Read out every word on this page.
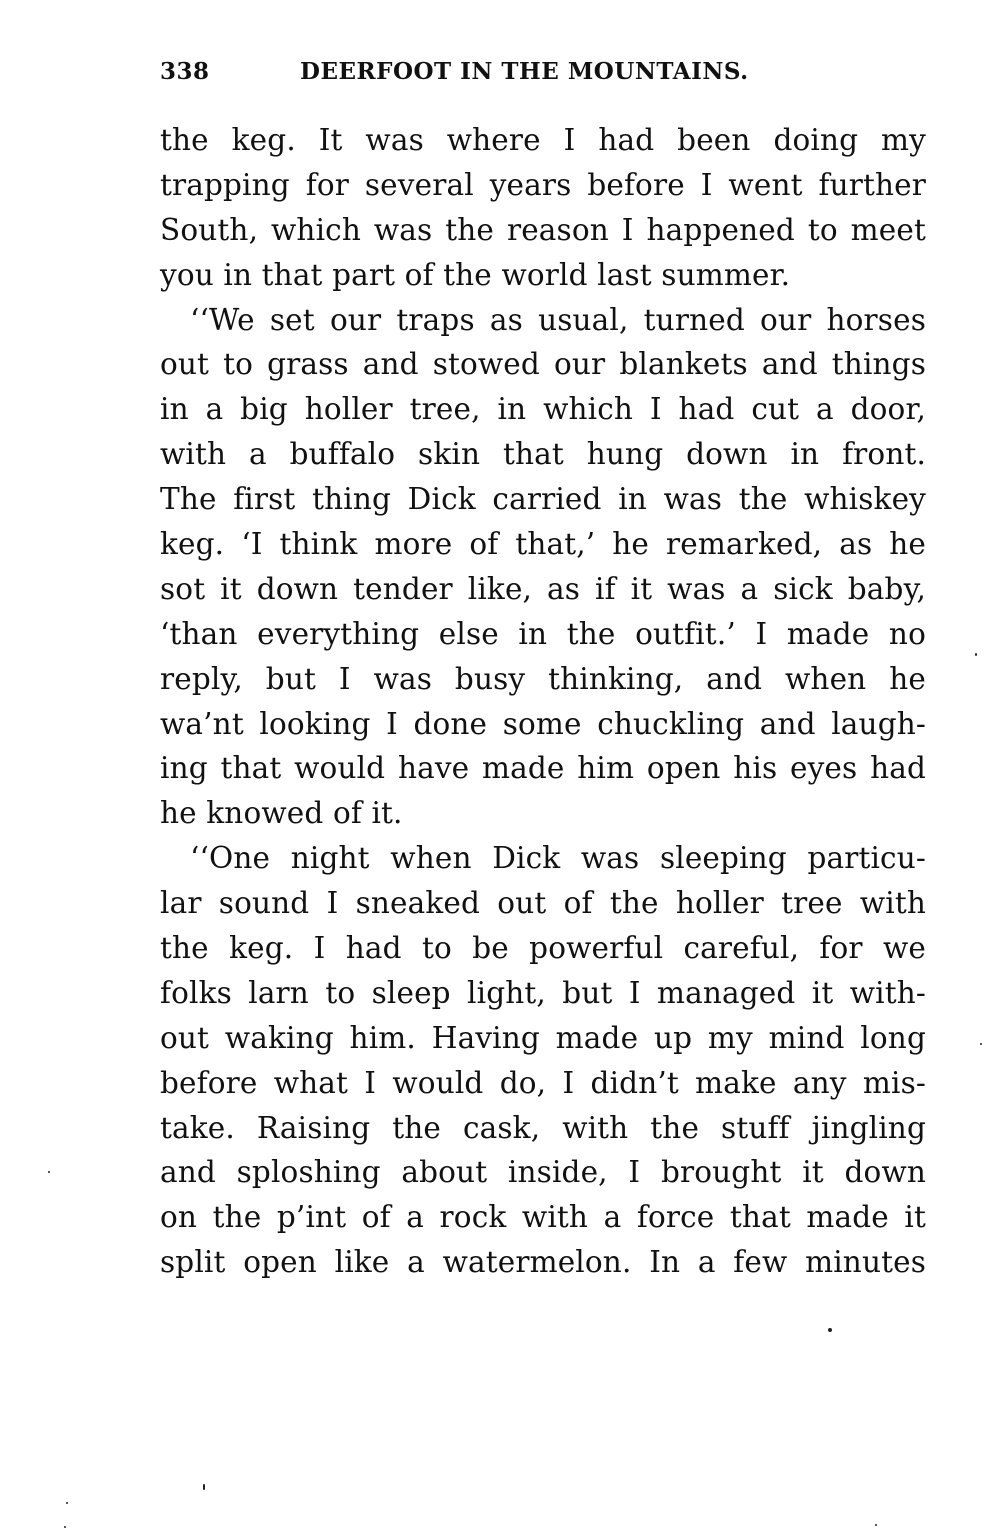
338	DEERFOOT IN THE MOUNTAINS.
the keg. It was where I had been doing my
trapping for several years before I went further
South, which was the reason I happened to meet
you in that part of the world last summer.
‘‘We set our traps as usual, turned our horses
out to grass and stowed our blankets and things
in a big holler tree, in which I had cut a door,
with a buffalo skin that hung down in front.
The first thing Dick carried in was the whiskey
keg. ‘I think more of that,’ he remarked, as he
sot it down tender like, as if it was a sick baby,
‘than everything else in the outfit.’ I made no
reply, but I was busy thinking, and when he
wa’nt looking I done some chuckling and laugh-
ing that would have made him open his eyes had
he knowed of it.
‘‘One night when Dick was sleeping particu-
lar sound I sneaked out of the holler tree with
the keg. I had to be powerful careful, for we
folks larn to sleep light, but I managed it with-
out waking him. Having made up my mind long
before what I would do, I didn’t make any mis-
take. Raising the cask, with the stuff jingling
and sploshing about inside, I brought it down
on the p’int of a rock with a force that made it
split open like a watermelon. In a few minutes
